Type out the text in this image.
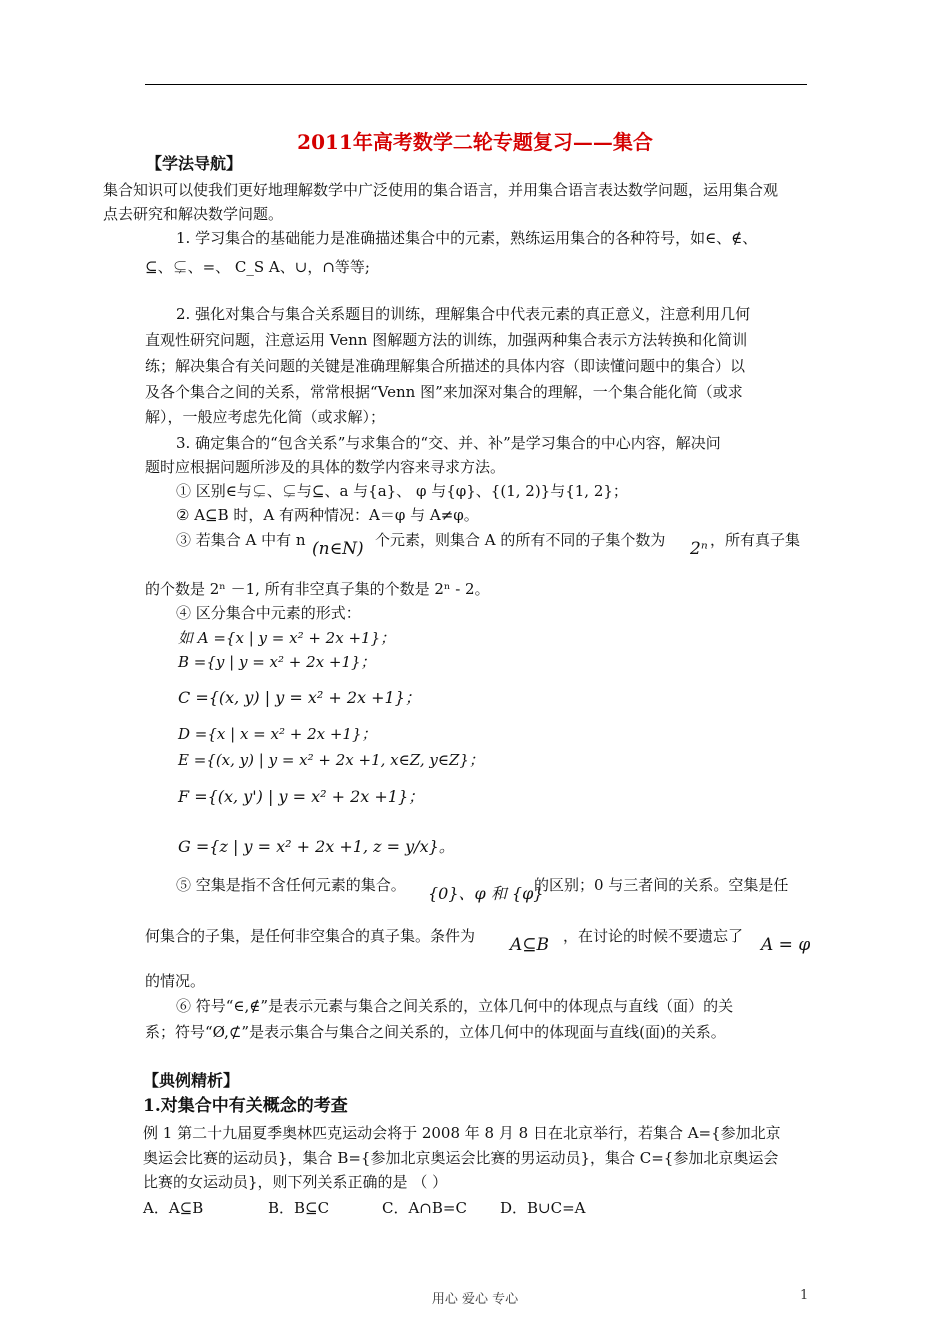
2011年高考数学二轮专题复习——集合
【学法导航】
集合知识可以使我们更好地理解数学中广泛使用的集合语言，并用集合语言表达数学问题，运用集合观
点去研究和解决数学问题。
1. 学习集合的基础能力是准确描述集合中的元素，熟练运用集合的各种符号，如∈、∉、
⊆、⊊、=、 C_S A、∪，∩等等;
2. 强化对集合与集合关系题目的训练，理解集合中代表元素的真正意义，注意利用几何
直观性研究问题，注意运用 Venn 图解题方法的训练，加强两种集合表示方法转换和化简训
练；解决集合有关问题的关键是准确理解集合所描述的具体内容（即读懂问题中的集合）以
及各个集合之间的关系，常常根据“Venn 图”来加深对集合的理解，一个集合能化简（或求
解），一般应考虑先化简（或求解）；
3. 确定集合的“包含关系”与求集合的“交、并、补”是学习集合的中心内容，解决问
题时应根据问题所涉及的具体的数学内容来寻求方法。
① 区别∈与⊊、⊊与⊆、a 与{a}、 φ 与{φ}、{(1, 2)}与{1, 2}；
② A⊆B 时，A 有两种情况：A＝φ 与 A≠φ。
③ 若集合 A 中有 n (n∈N) 个元素，则集合 A 的所有不同的子集个数为 2ⁿ ，所有真子集
的个数是 2ⁿ －1, 所有非空真子集的个数是 2ⁿ - 2。
④ 区分集合中元素的形式：
如 A ={x | y = x² + 2x +1}；
B ={y | y = x² + 2x +1}；
C ={(x, y) | y = x² + 2x +1}；
D ={x | x = x² + 2x +1}；
E ={(x, y) | y = x² + 2x +1, x∈Z, y∈Z}；
F ={(x, y') | y = x² + 2x +1}；
G ={z | y = x² + 2x +1, z = y/x}。
⑤ 空集是指不含任何元素的集合。 {0}、φ 和 {φ}
的区别；0 与三者间的关系。空集是任
何集合的子集，是任何非空集合的真子集。条件为 A⊆B ，在讨论的时候不要遗忘了 A = φ
的情况。
⑥ 符号“∈,∉”是表示元素与集合之间关系的，立体几何中的体现点与直线（面）的关
系；符号“Ø,⊄”是表示集合与集合之间关系的，立体几何中的体现面与直线(面)的关系。
【典例精析】
1.对集合中有关概念的考查
例 1 第二十九届夏季奥林匹克运动会将于 2008 年 8 月 8 日在北京举行，若集合 A={参加北京
奥运会比赛的运动员}，集合 B={参加北京奥运会比赛的男运动员}，集合 C={参加北京奥运会
比赛的女运动员}，则下列关系正确的是 （ ）
A．A⊆B	B．B⊆C	C．A∩B=C D．B∪C=A
用心 爱心 专心	1
